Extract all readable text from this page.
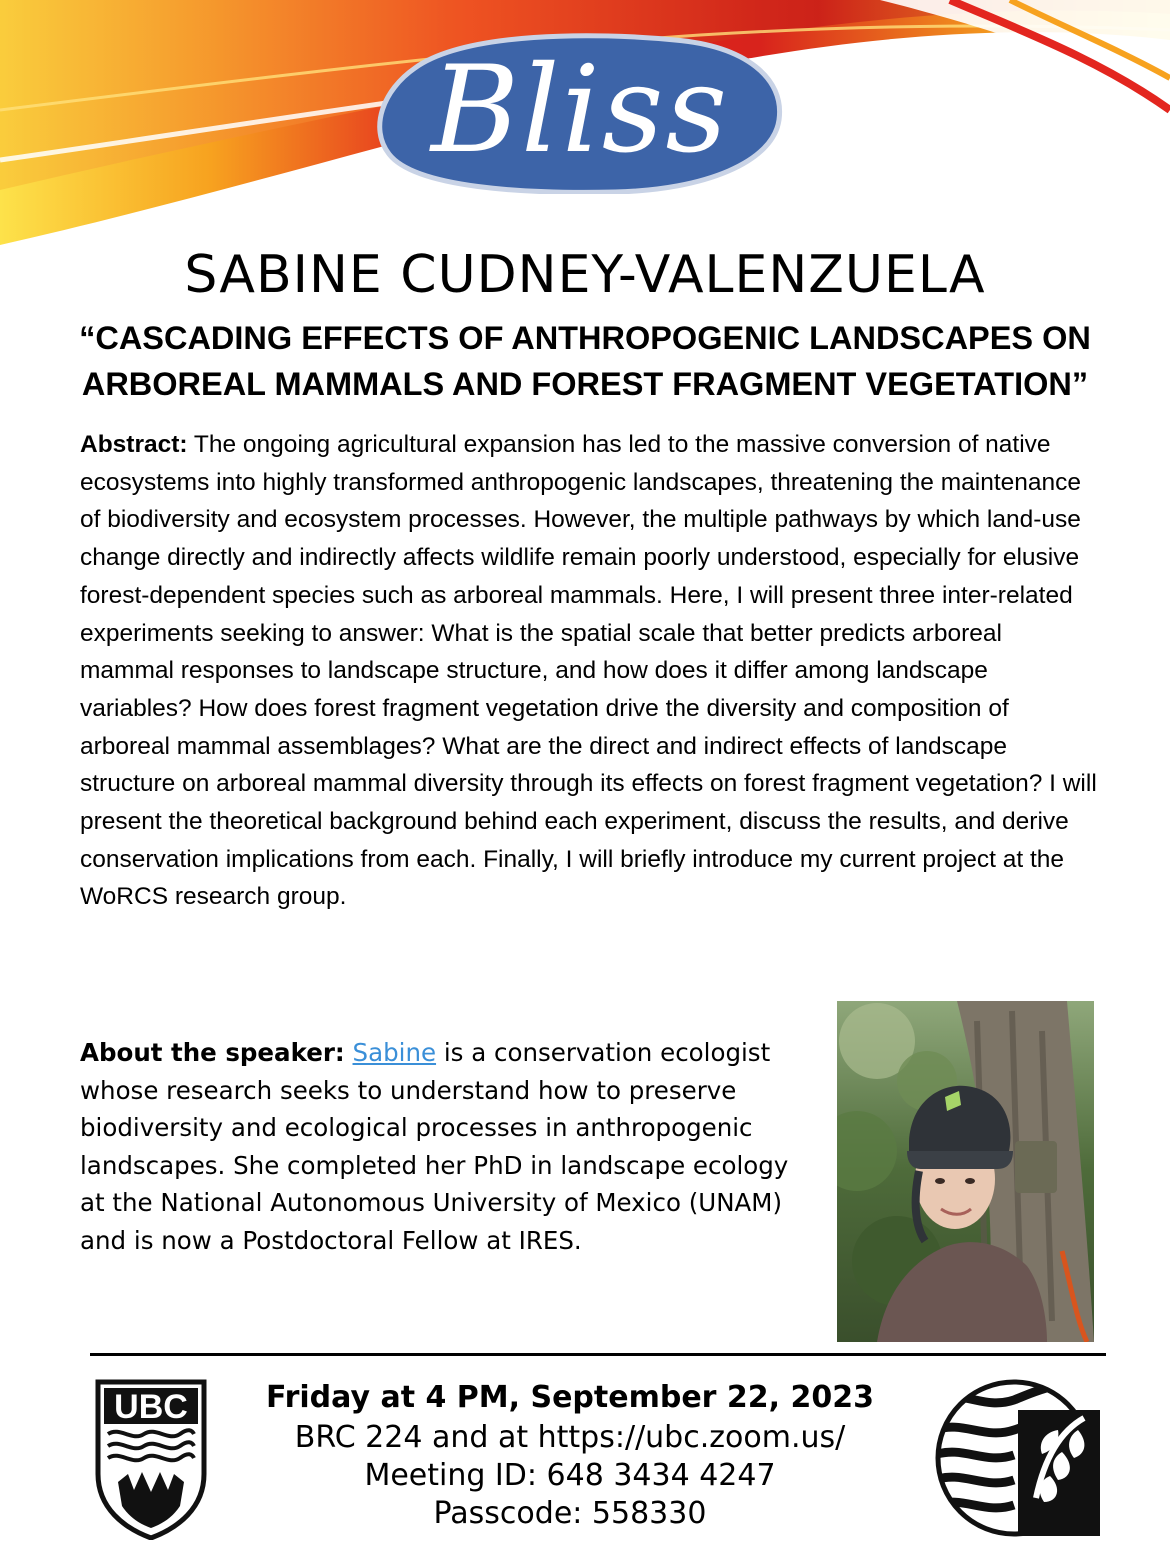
Bliss
SABINE CUDNEY-VALENZUELA
“CASCADING EFFECTS OF ANTHROPOGENIC LANDSCAPES ON ARBOREAL MAMMALS AND FOREST FRAGMENT VEGETATION”
Abstract: The ongoing agricultural expansion has led to the massive conversion of native ecosystems into highly transformed anthropogenic landscapes, threatening the maintenance of biodiversity and ecosystem processes. However, the multiple pathways by which land-use change directly and indirectly affects wildlife remain poorly understood, especially for elusive forest-dependent species such as arboreal mammals. Here, I will present three inter-related experiments seeking to answer: What is the spatial scale that better predicts arboreal mammal responses to landscape structure, and how does it differ among landscape variables? How does forest fragment vegetation drive the diversity and composition of arboreal mammal assemblages? What are the direct and indirect effects of landscape structure on arboreal mammal diversity through its effects on forest fragment vegetation? I will present the theoretical background behind each experiment, discuss the results, and derive conservation implications from each. Finally, I will briefly introduce my current project at the WoRCS research group.
About the speaker: Sabine is a conservation ecologist whose research seeks to understand how to preserve biodiversity and ecological processes in anthropogenic landscapes. She completed her PhD in landscape ecology at the National Autonomous University of Mexico (UNAM) and is now a Postdoctoral Fellow at IRES.
UBC	Friday at 4 PM, September 22, 2023
BRC 224 and at https://ubc.zoom.us/
Meeting ID: 648 3434 4247
Passcode: 558330
